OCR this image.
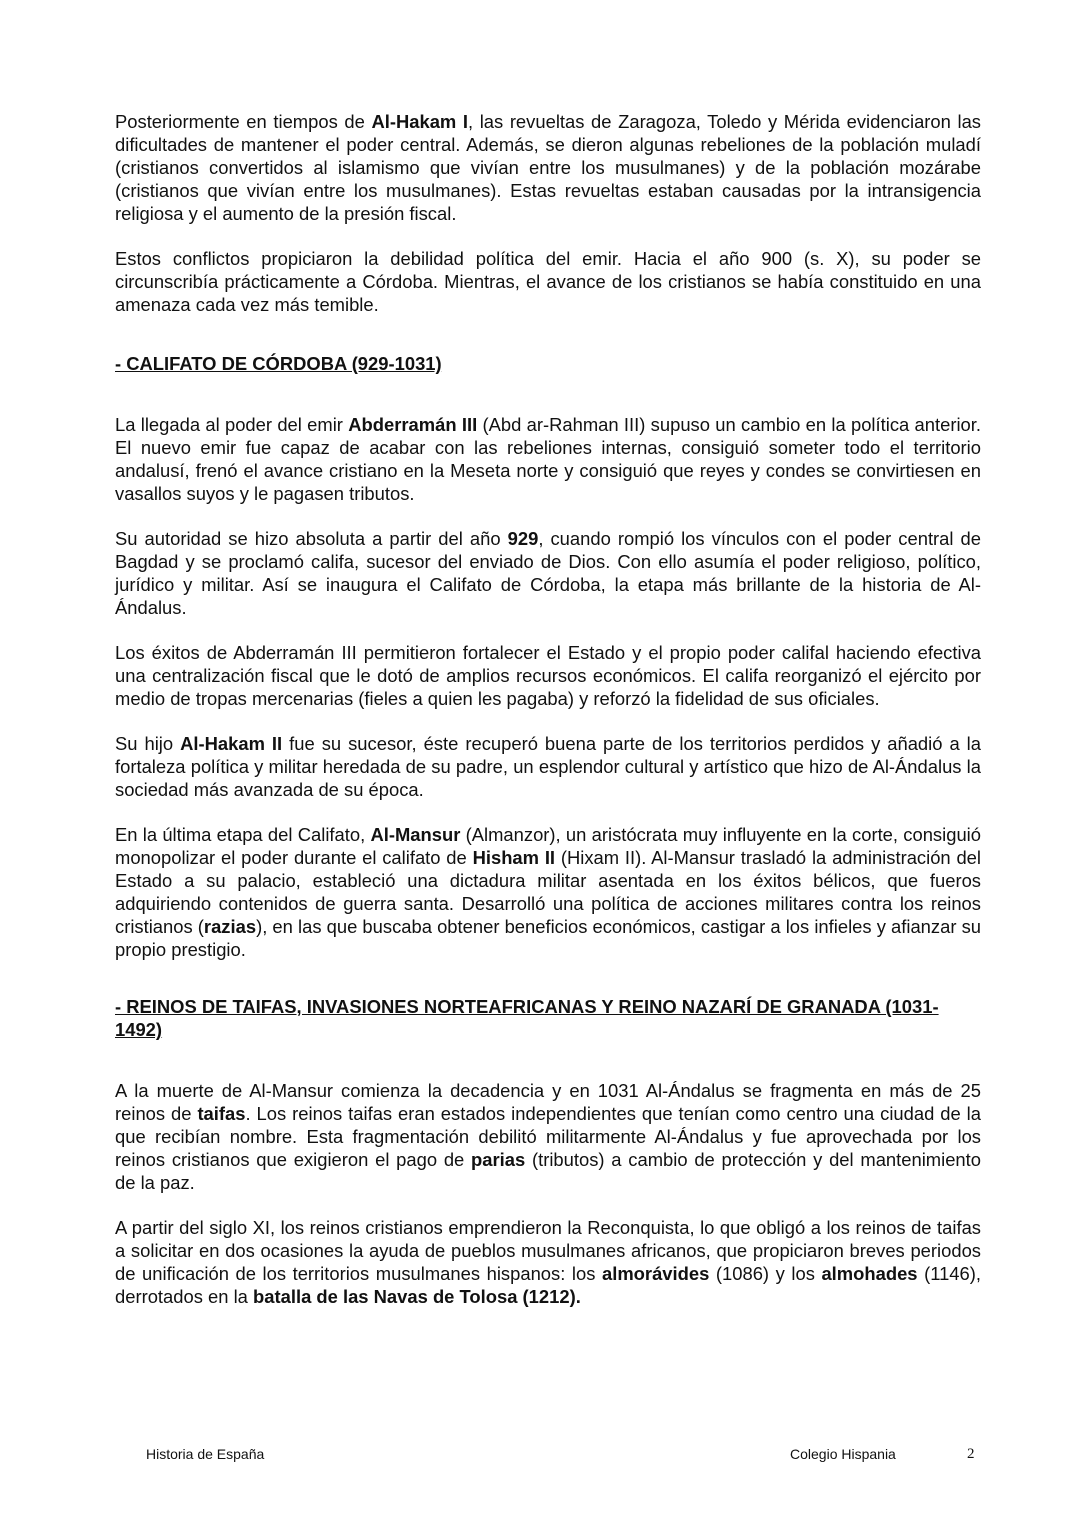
Posteriormente en tiempos de Al-Hakam I, las revueltas de Zaragoza, Toledo y Mérida evidenciaron las dificultades de mantener el poder central. Además, se dieron algunas rebeliones de la población muladí (cristianos convertidos al islamismo que vivían entre los musulmanes) y de la población mozárabe (cristianos que vivían entre los musulmanes). Estas revueltas estaban causadas por la intransigencia religiosa y el aumento de la presión fiscal.

Estos conflictos propiciaron la debilidad política del emir. Hacia el año 900 (s. X), su poder se circunscribía prácticamente a Córdoba. Mientras, el avance de los cristianos se había constituido en una amenaza cada vez más temible.

- CALIFATO DE CÓRDOBA (929-1031)

La llegada al poder del emir Abderramán III (Abd ar-Rahman III) supuso un cambio en la política anterior. El nuevo emir fue capaz de acabar con las rebeliones internas, consiguió someter todo el territorio andalusí, frenó el avance cristiano en la Meseta norte y consiguió que reyes y condes se convirtiesen en vasallos suyos y le pagasen tributos.

Su autoridad se hizo absoluta a partir del año 929, cuando rompió los vínculos con el poder central de Bagdad y se proclamó califa, sucesor del enviado de Dios. Con ello asumía el poder religioso, político, jurídico y militar. Así se inaugura el Califato de Córdoba, la etapa más brillante de la historia de Al-Ándalus.

Los éxitos de Abderramán III permitieron fortalecer el Estado y el propio poder califal haciendo efectiva una centralización fiscal que le dotó de amplios recursos económicos. El califa reorganizó el ejército por medio de tropas mercenarias (fieles a quien les pagaba) y reforzó la fidelidad de sus oficiales.

Su hijo Al-Hakam II fue su sucesor, éste recuperó buena parte de los territorios perdidos y añadió a la fortaleza política y militar heredada de su padre, un esplendor cultural y artístico que hizo de Al-Ándalus la sociedad más avanzada de su época.

En la última etapa del Califato, Al-Mansur (Almanzor), un aristócrata muy influyente en la corte, consiguió monopolizar el poder durante el califato de Hisham II (Hixam II). Al-Mansur trasladó la administración del Estado a su palacio, estableció una dictadura militar asentada en los éxitos bélicos, que fueros adquiriendo contenidos de guerra santa. Desarrolló una política de acciones militares contra los reinos cristianos (razias), en las que buscaba obtener beneficios económicos, castigar a los infieles y afianzar su propio prestigio.

- REINOS DE TAIFAS, INVASIONES NORTEAFRICANAS Y REINO NAZARÍ DE GRANADA (1031-1492)

A la muerte de Al-Mansur comienza la decadencia y en 1031 Al-Ándalus se fragmenta en más de 25 reinos de taifas. Los reinos taifas eran estados independientes que tenían como centro una ciudad de la que recibían nombre. Esta fragmentación debilitó militarmente Al-Ándalus y fue aprovechada por los reinos cristianos que exigieron el pago de parias (tributos) a cambio de protección y del mantenimiento de la paz.

A partir del siglo XI, los reinos cristianos emprendieron la Reconquista, lo que obligó a los reinos de taifas a solicitar en dos ocasiones la ayuda de pueblos musulmanes africanos, que propiciaron breves periodos de unificación de los territorios musulmanes hispanos: los almorávides (1086) y los almohades (1146), derrotados en la batalla de las Navas de Tolosa (1212).

Historia de España	Colegio Hispania	2
